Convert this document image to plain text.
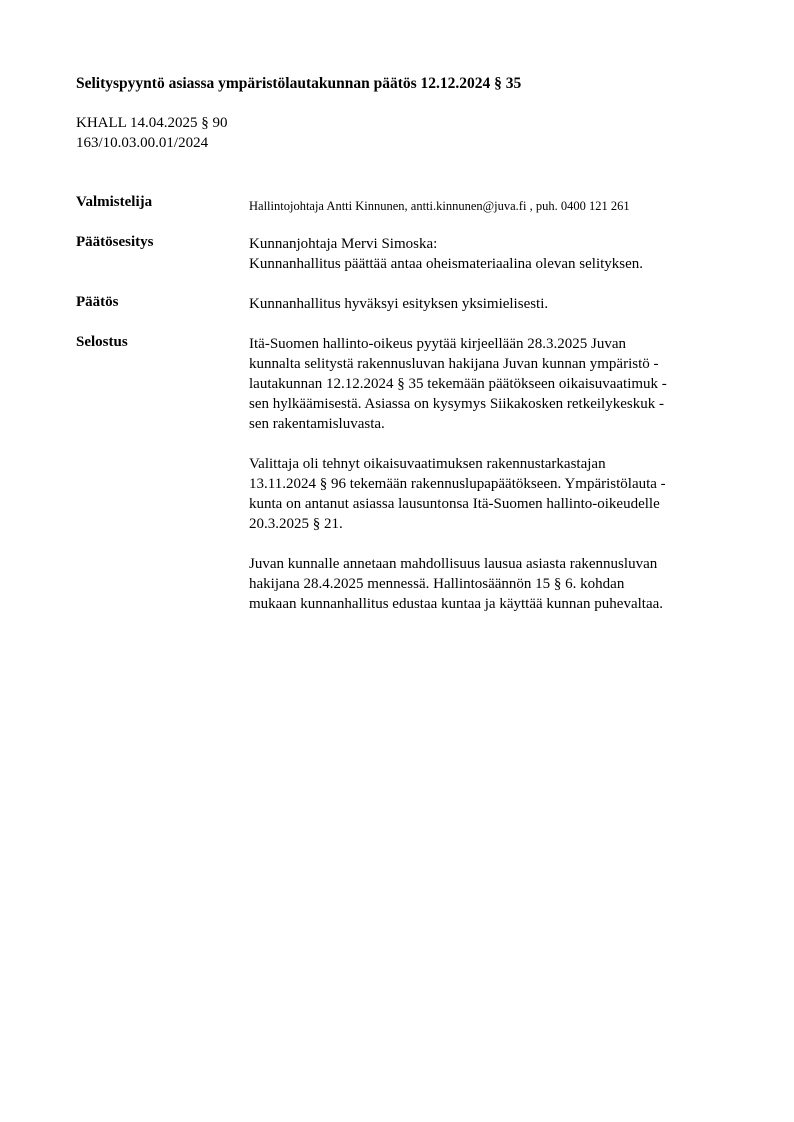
Selityspyyntö asiassa ympäristölautakunnan päätös 12.12.2024 § 35
KHALL 14.04.2025 § 90
163/10.03.00.01/2024
Valmistelija	Hallintojohtaja Antti Kinnunen, antti.kinnunen@juva.fi , puh. 0400 121 261
Päätösesitys	Kunnanjohtaja Mervi Simoska:
Kunnanhallitus päättää antaa oheismateriaalina olevan selityksen.
Päätös	Kunnanhallitus hyväksyi esityksen yksimielisesti.
Selostus	Itä-Suomen hallinto-oikeus pyytää kirjeellään 28.3.2025 Juvan
kunnalta selitystä rakennusluvan hakijana Juvan kunnan ympäristö -
lautakunnan 12.12.2024 § 35 tekemään päätökseen oikaisuvaatimuk -
sen hylkäämisestä. Asiassa on kysymys Siikakosken retkeilykeskuk -
sen rakentamisluvasta.

Valittaja oli tehnyt oikaisuvaatimuksen rakennustarkastajan
13.11.2024 § 96 tekemään rakennuslupapäätökseen. Ympäristölauta -
kunta on antanut asiassa lausuntonsa Itä-Suomen hallinto-oikeudelle
20.3.2025 § 21.

Juvan kunnalle annetaan mahdollisuus lausua asiasta rakennusluvan
hakijana 28.4.2025 mennessä. Hallintosäännön 15 § 6. kohdan
mukaan kunnanhallitus edustaa kuntaa ja käyttää kunnan puhevaltaa.
